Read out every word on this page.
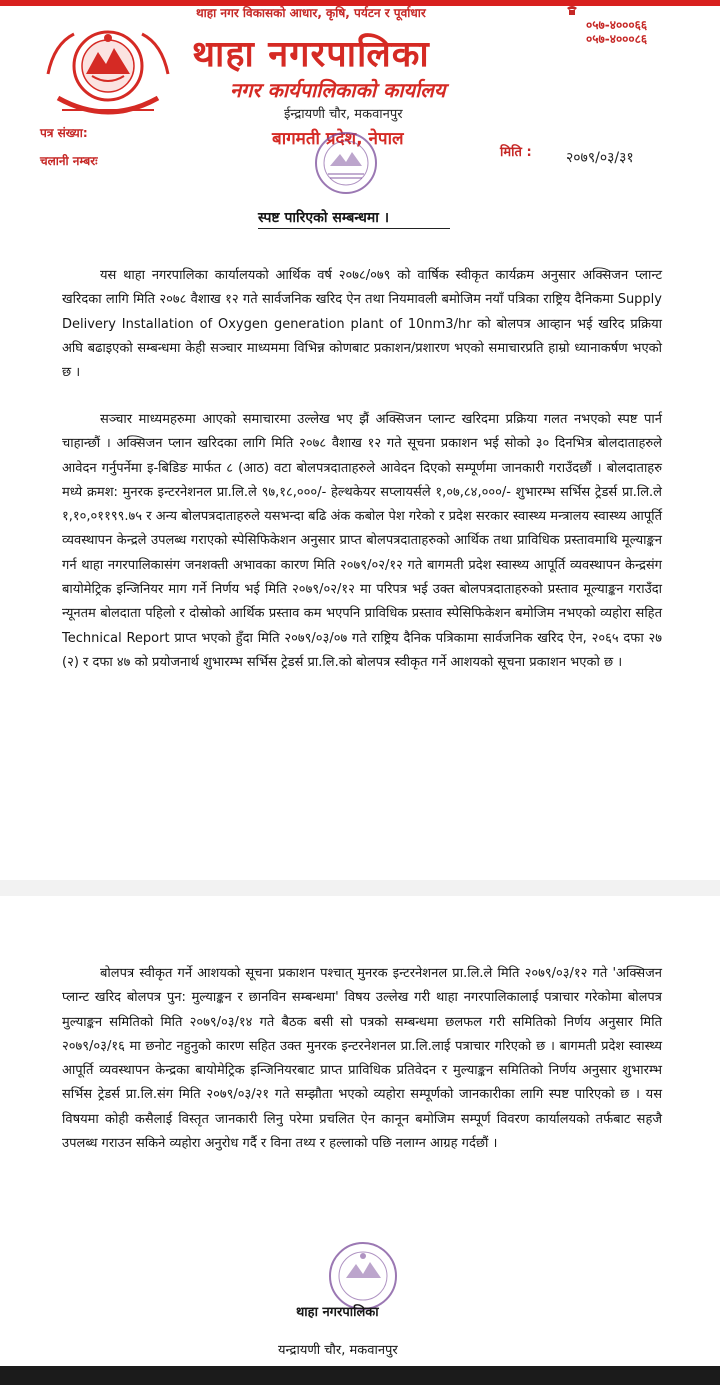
थाहा नगर विकासको आधार, कृषि, पर्यटन र पूर्वाधार
०५७-४०००६६
०५७-४०००८६
थाहा नगरपालिका
नगर कार्यपालिकाको कार्यालय
ईन्द्रायणी चौर, मकवानपुर
बागमती प्रदेश, नेपाल
पत्र संख्या:
चलानी नम्बरः
मिति : २०७९/०३/३१
स्पष्ट पारिएको सम्बन्धमा ।
यस थाहा नगरपालिका कार्यालयको आर्थिक वर्ष २०७८/०७९ को वार्षिक स्वीकृत कार्यक्रम अनुसार अक्सिजन प्लान्ट खरिदका लागि मिति २०७८ वैशाख १२ गते सार्वजनिक खरिद ऐन तथा नियमावली बमोजिम नयाँ पत्रिका राष्ट्रिय दैनिकमा Supply Delivery Installation of Oxygen generation plant of 10nm3/hr को बोलपत्र आव्हान भई खरिद प्रक्रिया अघि बढाइएको सम्बन्धमा केही सञ्चार माध्यममा विभिन्न कोणबाट प्रकाशन/प्रशारण भएको समाचारप्रति हाम्रो ध्यानाकर्षण भएको छ ।
सञ्चार माध्यमहरुमा आएको समाचारमा उल्लेख भए झैं अक्सिजन प्लान्ट खरिदमा प्रक्रिया गलत नभएको स्पष्ट पार्न चाहान्छौं । अक्सिजन प्लान खरिदका लागि मिति २०७८ वैशाख १२ गते सूचना प्रकाशन भई सोको ३० दिनभित्र बोलदाताहरुले आवेदन गर्नुपर्नेमा इ-बिडिङ मार्फत ८ (आठ) वटा बोलपत्रदाताहरुले आवेदन दिएको सम्पूर्णमा जानकारी गराउँदछौं । बोलदाताहरु मध्ये क्रमश: मुनरक इन्टरनेशनल प्रा.लि.ले ९७,१८,०००/- हेल्थकेयर सप्लायर्सले १,०७,८४,०००/- शुभारम्भ सर्भिस ट्रेडर्स प्रा.लि.ले १,१०,०११९९.७५ र अन्य बोलपत्रदाताहरुले यसभन्दा बढि अंक कबोल पेश गरेको र प्रदेश सरकार स्वास्थ्य मन्त्रालय स्वास्थ्य आपूर्ति व्यवस्थापन केन्द्रले उपलब्ध गराएको स्पेसिफिकेशन अनुसार प्राप्त बोलपत्रदाताहरुको आर्थिक तथा प्राविधिक प्रस्तावमाथि मूल्याङ्कन गर्न थाहा नगरपालिकासंग जनशक्ती अभावका कारण मिति २०७९/०२/१२ गते बागमती प्रदेश स्वास्थ्य आपूर्ति व्यवस्थापन केन्द्रसंग बायोमेट्रिक इन्जिनियर माग गर्ने निर्णय भई मिति २०७९/०२/१२ मा परिपत्र भई उक्त बोलपत्रदाताहरुको प्रस्ताव मूल्याङ्कन गराउँदा न्यूनतम बोलदाता पहिलो र दोस्रोको आर्थिक प्रस्ताव कम भएपनि प्राविधिक प्रस्ताव स्पेसिफिकेशन बमोजिम नभएको व्यहोरा सहित Technical Report प्राप्त भएको हुँदा मिति २०७९/०३/०७ गते राष्ट्रिय दैनिक पत्रिकामा सार्वजनिक खरिद ऐन, २०६५ दफा २७ (२) र दफा ४७ को प्रयोजनार्थ शुभारम्भ सर्भिस ट्रेडर्स प्रा.लि.को बोलपत्र स्वीकृत गर्ने आशयको सूचना प्रकाशन भएको छ ।
बोलपत्र स्वीकृत गर्ने आशयको सूचना प्रकाशन पश्चात् मुनरक इन्टरनेशनल प्रा.लि.ले मिति २०७९/०३/१२ गते 'अक्सिजन प्लान्ट खरिद बोलपत्र पुन: मुल्याङ्कन र छानविन सम्बन्धमा' विषय उल्लेख गरी थाहा नगरपालिकालाई पत्राचार गरेकोमा बोलपत्र मुल्याङ्कन समितिको मिति २०७९/०३/१४ गते बैठक बसी सो पत्रको सम्बन्धमा छलफल गरी समितिको निर्णय अनुसार मिति २०७९/०३/१६ मा छनोट नहुनुको कारण सहित उक्त मुनरक इन्टरनेशनल प्रा.लि.लाई पत्राचार गरिएको छ । बागमती प्रदेश स्वास्थ्य आपूर्ति व्यवस्थापन केन्द्रका बायोमेट्रिक इन्जिनियरबाट प्राप्त प्राविधिक प्रतिवेदन र मुल्याङ्कन समितिको निर्णय अनुसार शुभारम्भ सर्भिस ट्रेडर्स प्रा.लि.संग मिति २०७९/०३/२१ गते सम्झौता भएको व्यहोरा सम्पूर्णको जानकारीका लागि स्पष्ट पारिएको छ । यस विषयमा कोही कसैलाई विस्तृत जानकारी लिनु परेमा प्रचलित ऐन कानून बमोजिम सम्पूर्ण विवरण कार्यालयको तर्फबाट सहजै उपलब्ध गराउन सकिने व्यहोरा अनुरोध गर्दै र विना तथ्य र हल्लाको पछि नलाग्न आग्रह गर्दछौं ।
थाहा नगरपालिका
यन्द्रायणी चौर, मकवानपुर
